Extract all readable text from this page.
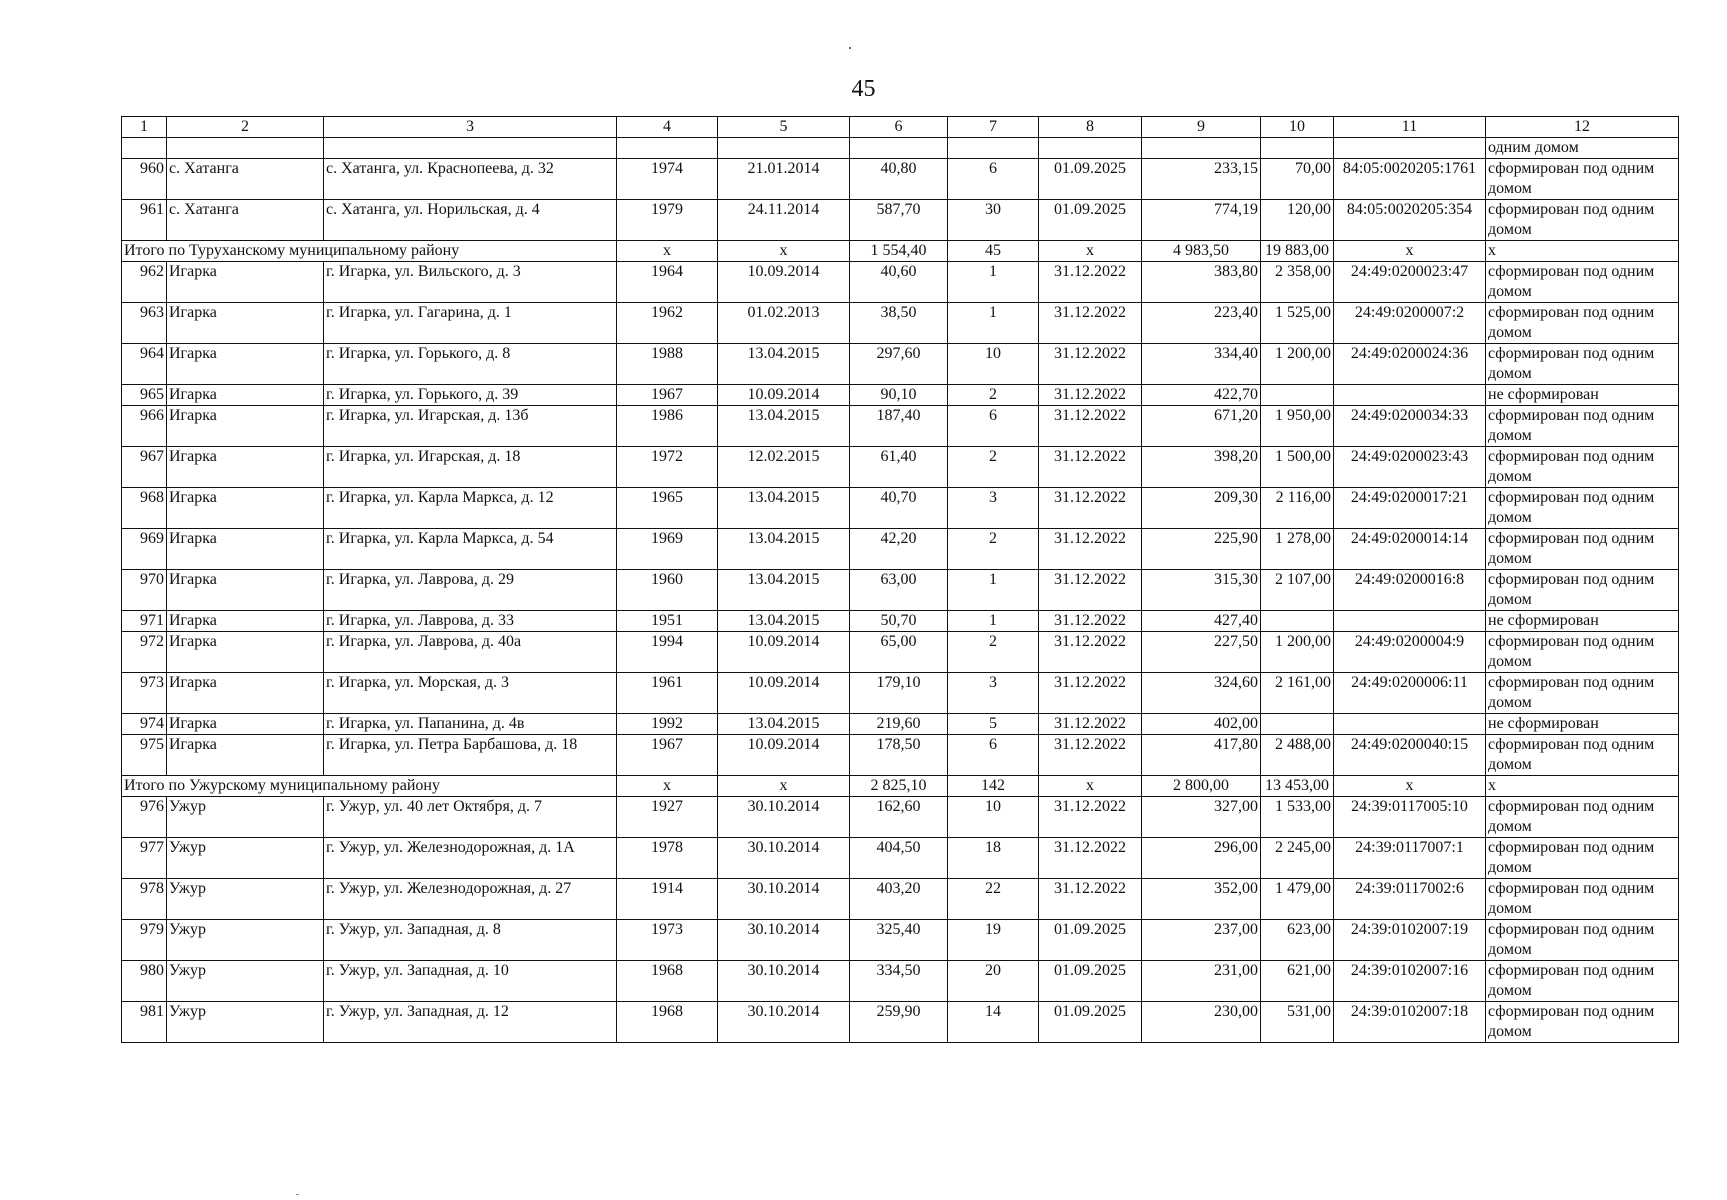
45
1	2	3	4	5	6	7	8	9	10	11	12
											одним домом
960	с. Хатанга	с. Хатанга, ул. Краснопеева, д. 32	1974	21.01.2014	40,80	6	01.09.2025	233,15	70,00	84:05:0020205:1761	сформирован под одним домом
961	с. Хатанга	с. Хатанга, ул. Норильская, д. 4	1979	24.11.2014	587,70	30	01.09.2025	774,19	120,00	84:05:0020205:354	сформирован под одним домом
Итого по Туруханскому муниципальному району			x	x	1 554,40	45	x	4 983,50	19 883,00	x	x
962	Игарка	г. Игарка, ул. Вильского, д. 3	1964	10.09.2014	40,60	1	31.12.2022	383,80	2 358,00	24:49:0200023:47	сформирован под одним домом
963	Игарка	г. Игарка, ул. Гагарина, д. 1	1962	01.02.2013	38,50	1	31.12.2022	223,40	1 525,00	24:49:0200007:2	сформирован под одним домом
964	Игарка	г. Игарка, ул. Горького, д. 8	1988	13.04.2015	297,60	10	31.12.2022	334,40	1 200,00	24:49:0200024:36	сформирован под одним домом
965	Игарка	г. Игарка, ул. Горького, д. 39	1967	10.09.2014	90,10	2	31.12.2022	422,70			не сформирован
966	Игарка	г. Игарка, ул. Игарская, д. 13б	1986	13.04.2015	187,40	6	31.12.2022	671,20	1 950,00	24:49:0200034:33	сформирован под одним домом
967	Игарка	г. Игарка, ул. Игарская, д. 18	1972	12.02.2015	61,40	2	31.12.2022	398,20	1 500,00	24:49:0200023:43	сформирован под одним домом
968	Игарка	г. Игарка, ул. Карла Маркса, д. 12	1965	13.04.2015	40,70	3	31.12.2022	209,30	2 116,00	24:49:0200017:21	сформирован под одним домом
969	Игарка	г. Игарка, ул. Карла Маркса, д. 54	1969	13.04.2015	42,20	2	31.12.2022	225,90	1 278,00	24:49:0200014:14	сформирован под одним домом
970	Игарка	г. Игарка, ул. Лаврова, д. 29	1960	13.04.2015	63,00	1	31.12.2022	315,30	2 107,00	24:49:0200016:8	сформирован под одним домом
971	Игарка	г. Игарка, ул. Лаврова, д. 33	1951	13.04.2015	50,70	1	31.12.2022	427,40			не сформирован
972	Игарка	г. Игарка, ул. Лаврова, д. 40а	1994	10.09.2014	65,00	2	31.12.2022	227,50	1 200,00	24:49:0200004:9	сформирован под одним домом
973	Игарка	г. Игарка, ул. Морская, д. 3	1961	10.09.2014	179,10	3	31.12.2022	324,60	2 161,00	24:49:0200006:11	сформирован под одним домом
974	Игарка	г. Игарка, ул. Папанина, д. 4в	1992	13.04.2015	219,60	5	31.12.2022	402,00			не сформирован
975	Игарка	г. Игарка, ул. Петра Барбашова, д. 18	1967	10.09.2014	178,50	6	31.12.2022	417,80	2 488,00	24:49:0200040:15	сформирован под одним домом
Итого по Ужурскому муниципальному району			x	x	2 825,10	142	x	2 800,00	13 453,00	x	x
976	Ужур	г. Ужур, ул. 40 лет Октября, д. 7	1927	30.10.2014	162,60	10	31.12.2022	327,00	1 533,00	24:39:0117005:10	сформирован под одним домом
977	Ужур	г. Ужур, ул. Железнодорожная, д. 1А	1978	30.10.2014	404,50	18	31.12.2022	296,00	2 245,00	24:39:0117007:1	сформирован под одним домом
978	Ужур	г. Ужур, ул. Железнодорожная, д. 27	1914	30.10.2014	403,20	22	31.12.2022	352,00	1 479,00	24:39:0117002:6	сформирован под одним домом
979	Ужур	г. Ужур, ул. Западная, д. 8	1973	30.10.2014	325,40	19	01.09.2025	237,00	623,00	24:39:0102007:19	сформирован под одним домом
980	Ужур	г. Ужур, ул. Западная, д. 10	1968	30.10.2014	334,50	20	01.09.2025	231,00	621,00	24:39:0102007:16	сформирован под одним домом
981	Ужур	г. Ужур, ул. Западная, д. 12	1968	30.10.2014	259,90	14	01.09.2025	230,00	531,00	24:39:0102007:18	сформирован под одним домом
